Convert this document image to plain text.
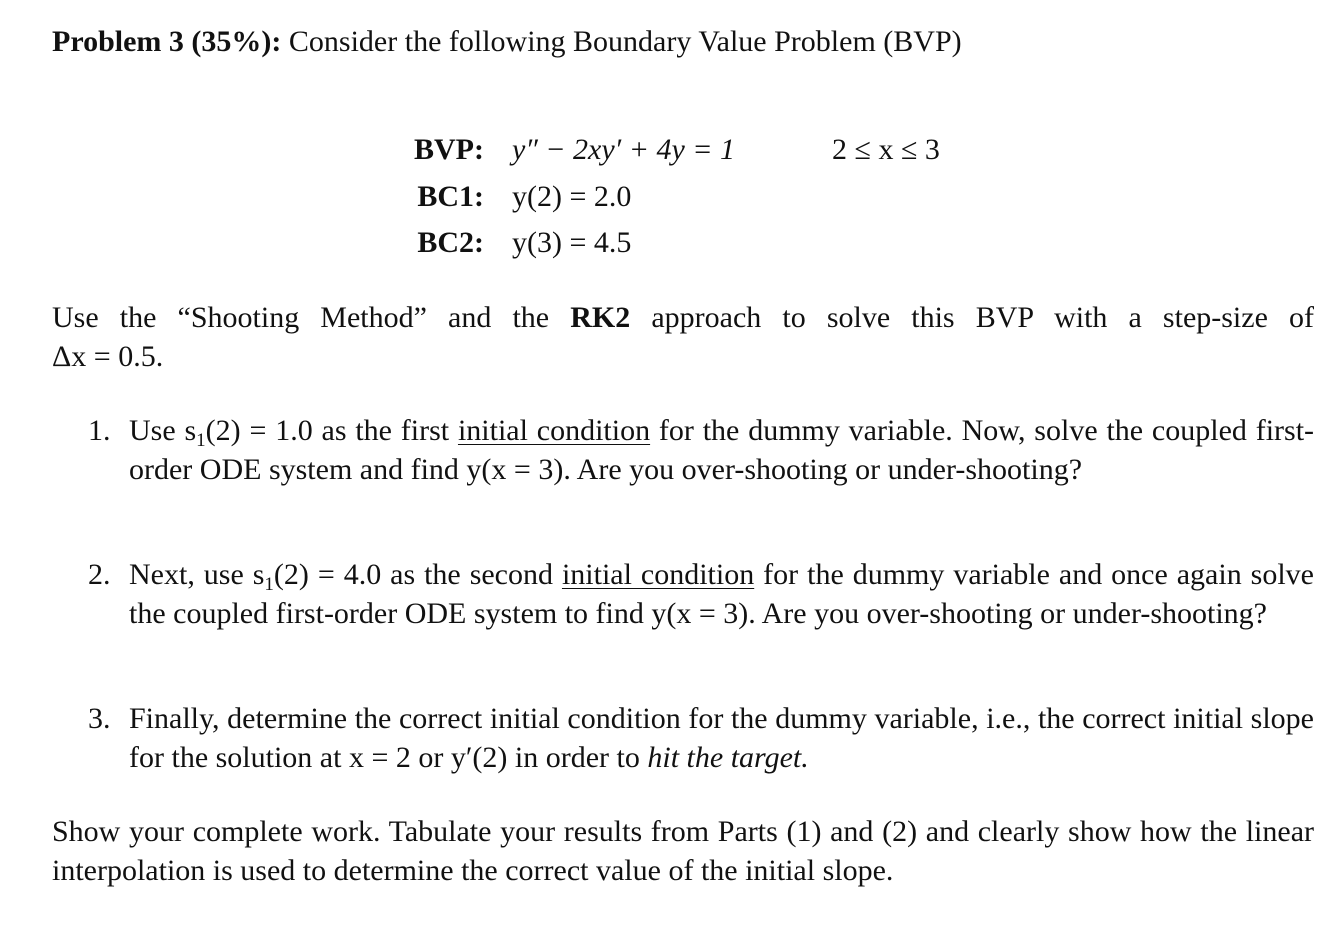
Problem 3 (35%): Consider the following Boundary Value Problem (BVP)
BVP: y″ − 2xy′ + 4y = 1	2 ≤ x ≤ 3
BC1: y(2) = 2.0
BC2: y(3) = 4.5
Use the “Shooting Method” and the RK2 approach to solve this BVP with a step-size of
Δx = 0.5.
1. Use $s_1(2) = 1.0$ as the first initial condition for the dummy variable. Now, solve the coupled first-order ODE system and find y(x = 3). Are you over-shooting or under-shooting?
2. Next, use $s_1(2) = 4.0$ as the second initial condition for the dummy variable and once again solve the coupled first-order ODE system to find y(x = 3). Are you over-shooting or under-shooting?
3. Finally, determine the correct initial condition for the dummy variable, i.e., the correct initial slope for the solution at x = 2 or y′(2) in order to hit the target.
Show your complete work. Tabulate your results from Parts (1) and (2) and clearly show how the linear interpolation is used to determine the correct value of the initial slope.
